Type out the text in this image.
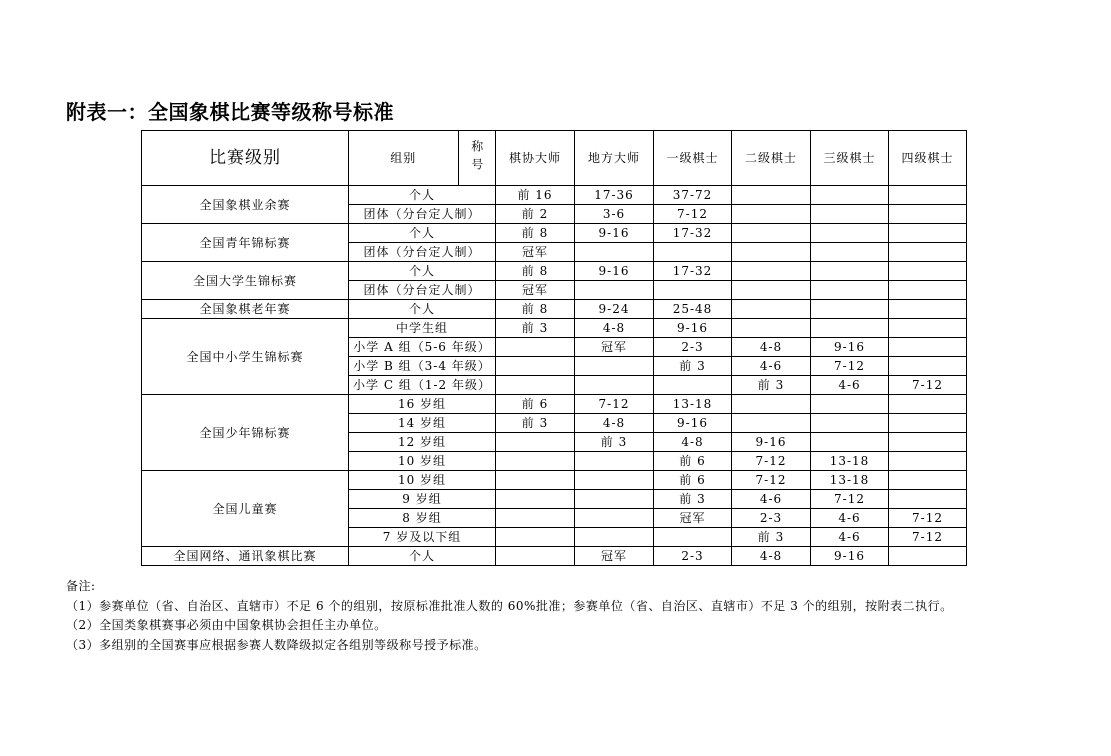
附表一：全国象棋比赛等级称号标准
比赛级别	组别 称号	棋协大师	地方大师	一级棋士	二级棋士	三级棋士	四级棋士
全国象棋业余赛	个人	前 16	17-36	37-72			
	团体（分台定人制）	前 2	3-6	7-12			
全国青年锦标赛	个人	前 8	9-16	17-32			
	团体（分台定人制）	冠军					
全国大学生锦标赛	个人	前 8	9-16	17-32			
	团体（分台定人制）	冠军					
全国象棋老年赛	个人	前 8	9-24	25-48			
全国中小学生锦标赛	中学生组	前 3	4-8	9-16			
	小学 A 组（5-6 年级）		冠军	2-3	4-8	9-16	
	小学 B 组（3-4 年级）			前 3	4-6	7-12	
	小学 C 组（1-2 年级）				前 3	4-6	7-12
全国少年锦标赛	16 岁组	前 6	7-12	13-18			
	14 岁组	前 3	4-8	9-16			
	12 岁组		前 3	4-8	9-16		
	10 岁组			前 6	7-12	13-18	
全国儿童赛	10 岁组			前 6	7-12	13-18	
	9 岁组			前 3	4-6	7-12	
	8 岁组			冠军	2-3	4-6	7-12
	7 岁及以下组				前 3	4-6	7-12
全国网络、通讯象棋比赛	个人		冠军	2-3	4-8	9-16	
备注:
（1）参赛单位（省、自治区、直辖市）不足 6 个的组别，按原标准批准人数的 60%批准；参赛单位（省、自治区、直辖市）不足 3 个的组别，按附表二执行。
（2）全国类象棋赛事必须由中国象棋协会担任主办单位。
（3）多组别的全国赛事应根据参赛人数降级拟定各组别等级称号授予标准。
